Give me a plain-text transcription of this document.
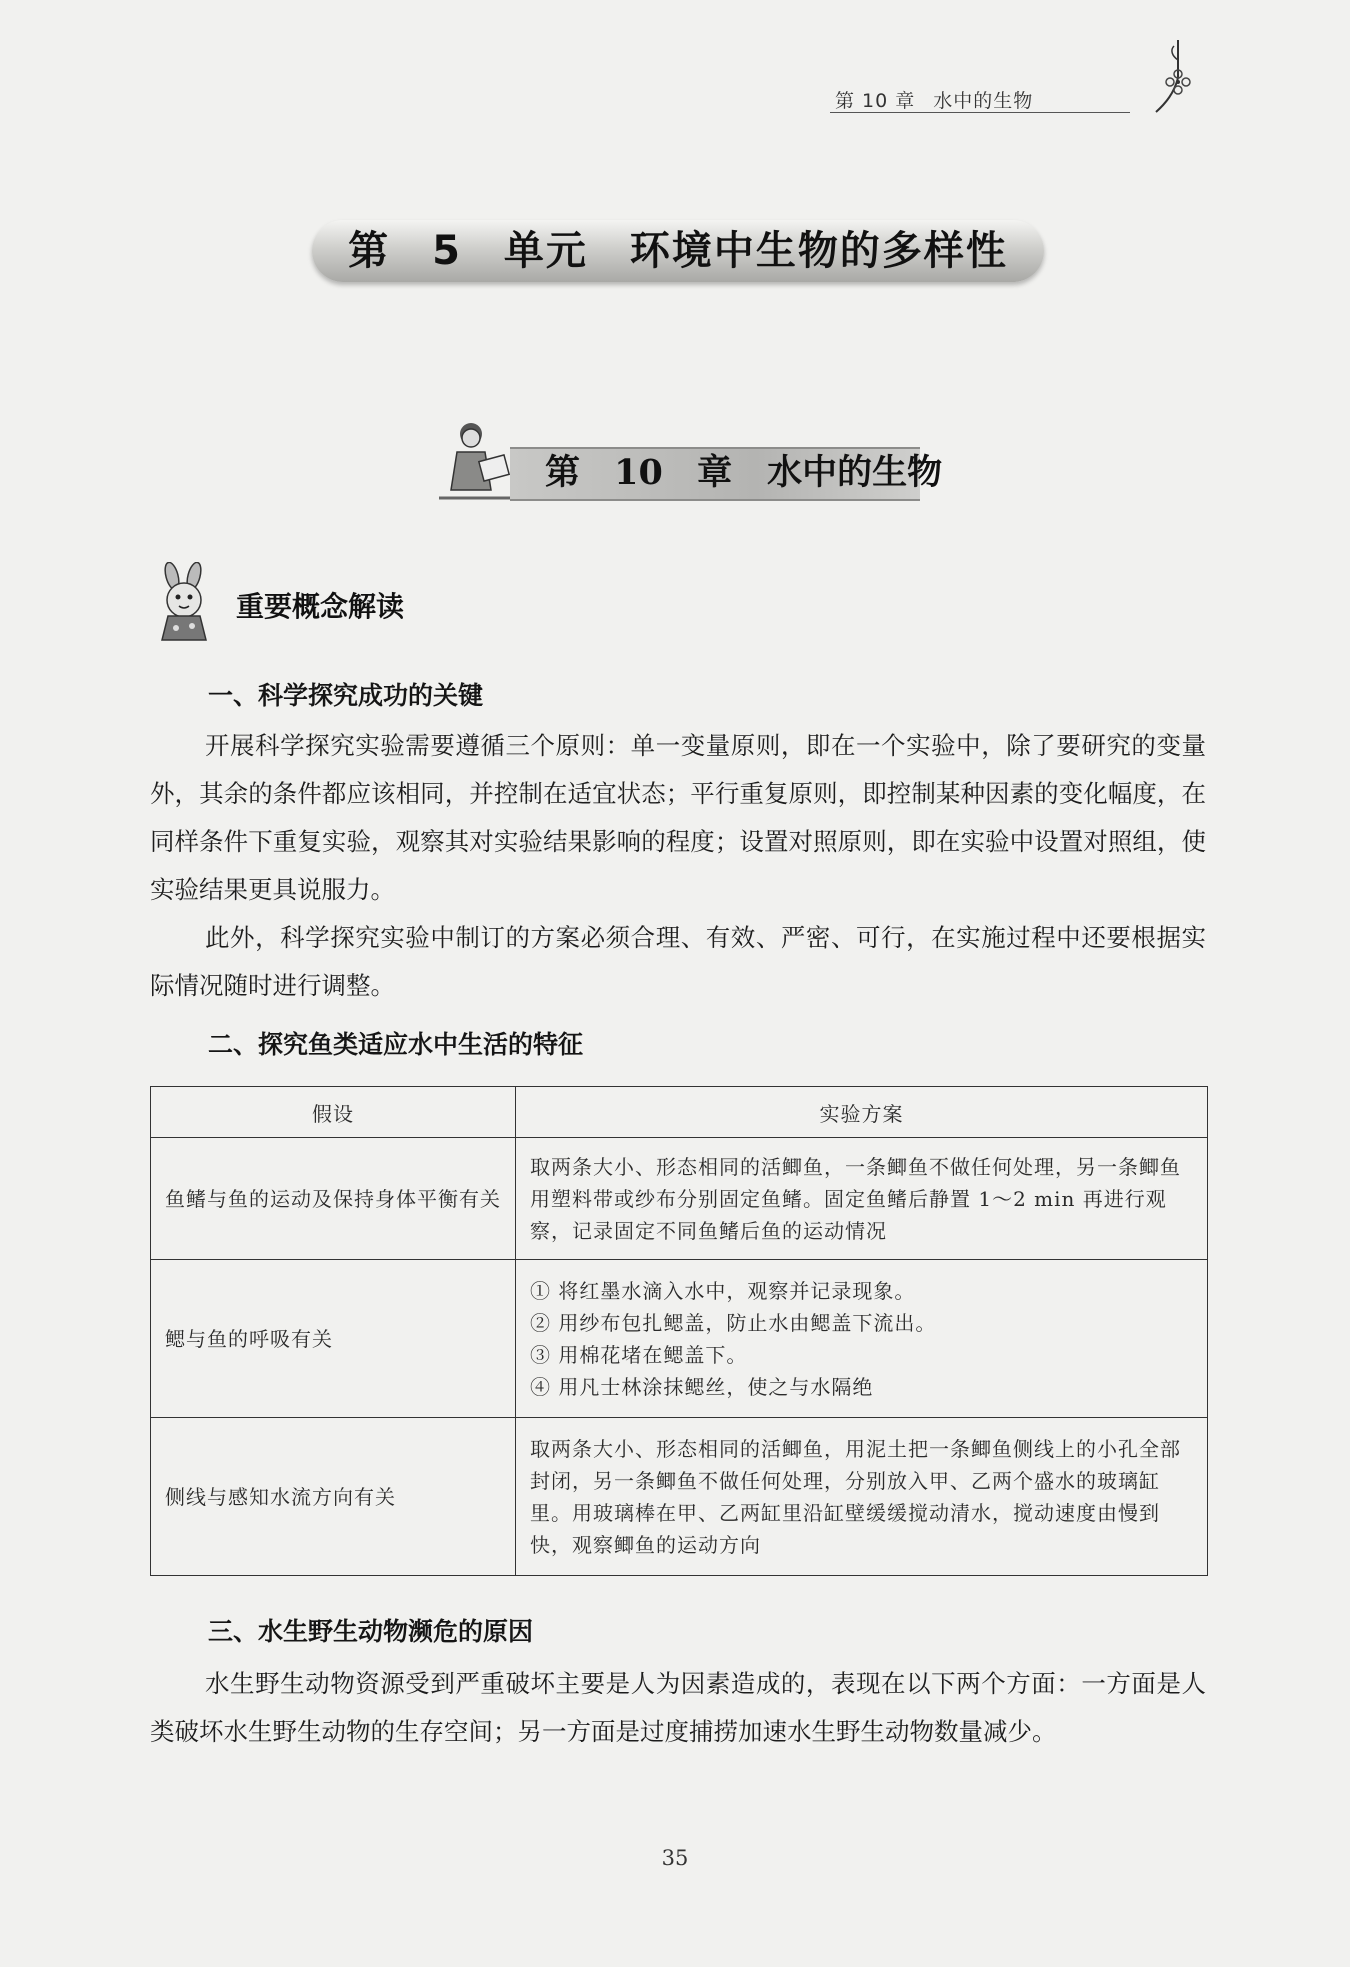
第 10 章 水中的生物
第 5 单元　环境中生物的多样性
第 10 章　水中的生物
重要概念解读
一、科学探究成功的关键

开展科学探究实验需要遵循三个原则：单一变量原则，即在一个实验中，除了要研究的变量外，其余的条件都应该相同，并控制在适宜状态；平行重复原则，即控制某种因素的变化幅度，在同样条件下重复实验，观察其对实验结果影响的程度；设置对照原则，即在实验中设置对照组，使实验结果更具说服力。

此外，科学探究实验中制订的方案必须合理、有效、严密、可行，在实施过程中还要根据实际情况随时进行调整。

二、探究鱼类适应水中生活的特征
假设	实验方案
鱼鳍与鱼的运动及保持身体平衡有关	取两条大小、形态相同的活鲫鱼，一条鲫鱼不做任何处理，另一条鲫鱼用塑料带或纱布分别固定鱼鳍。固定鱼鳍后静置 1～2 min 再进行观察，记录固定不同鱼鳍后鱼的运动情况
鳃与鱼的呼吸有关	① 将红墨水滴入水中，观察并记录现象。
② 用纱布包扎鳃盖，防止水由鳃盖下流出。
③ 用棉花堵在鳃盖下。
④ 用凡士林涂抹鳃丝，使之与水隔绝

侧线与感知水流方向有关	取两条大小、形态相同的活鲫鱼，用泥土把一条鲫鱼侧线上的小孔全部封闭，另一条鲫鱼不做任何处理，分别放入甲、乙两个盛水的玻璃缸里。用玻璃棒在甲、乙两缸里沿缸壁缓缓搅动清水，搅动速度由慢到快，观察鲫鱼的运动方向
三、水生野生动物濒危的原因

水生野生动物资源受到严重破坏主要是人为因素造成的，表现在以下两个方面：一方面是人类破坏水生野生动物的生存空间；另一方面是过度捕捞加速水生野生动物数量减少。

35
